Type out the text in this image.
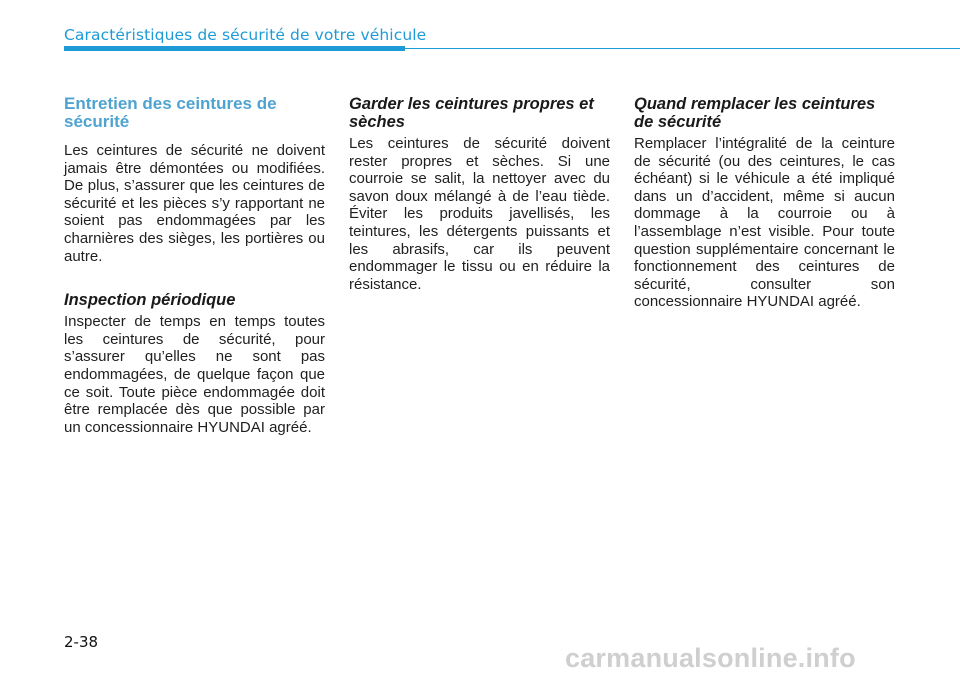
Caractéristiques de sécurité de votre véhicule
Entretien des ceintures de sécurité

Les ceintures de sécurité ne doivent jamais être démontées ou modifiées. De plus, s’assurer que les ceintures de sécurité et les pièces s’y rapportant ne soient pas endommagées par les charnières des sièges, les portières ou autre.

Inspection périodique

Inspecter de temps en temps toutes les ceintures de sécurité, pour s’assurer qu’elles ne sont pas endommagées, de quelque façon que ce soit. Toute pièce endommagée doit être remplacée dès que possible par un concessionnaire HYUNDAI agréé.

Garder les ceintures propres et sèches

Les ceintures de sécurité doivent rester propres et sèches. Si une courroie se salit, la nettoyer avec du savon doux mélangé à de l’eau tiède. Éviter les produits javellisés, les teintures, les détergents puissants et les abrasifs, car ils peuvent endommager le tissu ou en réduire la résistance.

Quand remplacer les ceintures de sécurité

Remplacer l’intégralité de la ceinture de sécurité (ou des ceintures, le cas échéant) si le véhicule a été impliqué dans un d’accident, même si aucun dommage à la courroie ou à l’assemblage n’est visible. Pour toute question supplémentaire concernant le fonctionnement des ceintures de sécurité, consulter son concessionnaire HYUNDAI agréé.

2-38
carmanualsonline.info
